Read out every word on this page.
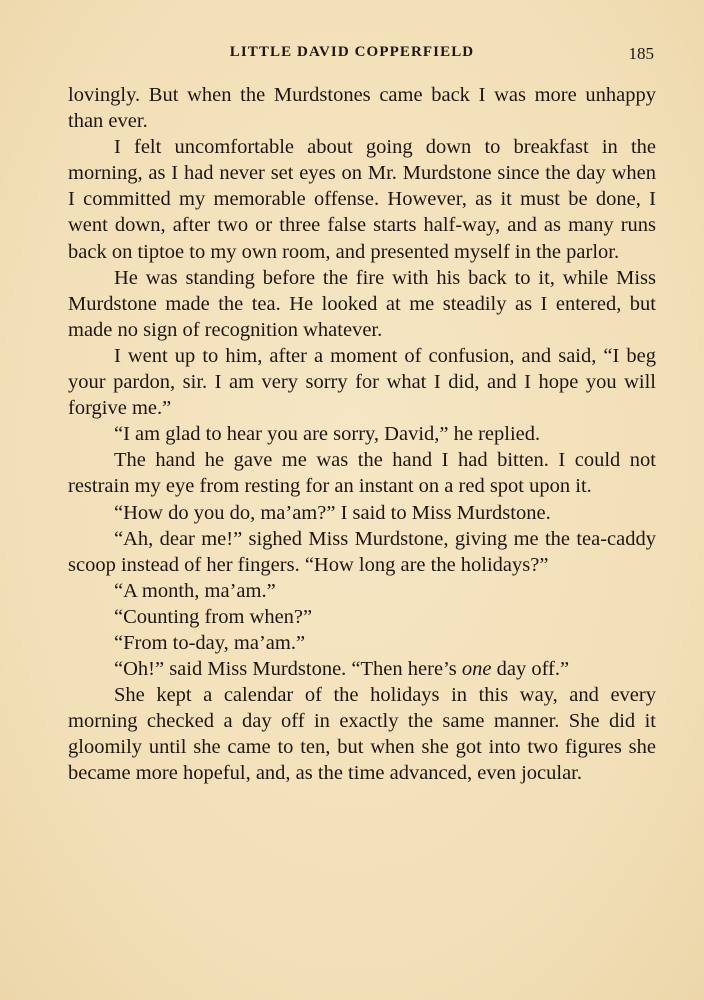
LITTLE DAVID COPPERFIELD	185

lovingly. But when the Murdstones came back I was more unhappy than ever.

I felt uncomfortable about going down to breakfast in the morning, as I had never set eyes on Mr. Murdstone since the day when I committed my memorable offense. However, as it must be done, I went down, after two or three false starts half-way, and as many runs back on tiptoe to my own room, and presented myself in the parlor.

He was standing before the fire with his back to it, while Miss Murdstone made the tea. He looked at me steadily as I entered, but made no sign of recognition whatever.

I went up to him, after a moment of confusion, and said, “I beg your pardon, sir. I am very sorry for what I did, and I hope you will forgive me.”

“I am glad to hear you are sorry, David,” he replied.

The hand he gave me was the hand I had bitten. I could not restrain my eye from resting for an instant on a red spot upon it.

“How do you do, ma’am?” I said to Miss Murdstone.

“Ah, dear me!” sighed Miss Murdstone, giving me the tea-caddy scoop instead of her fingers. “How long are the holidays?”

“A month, ma’am.”

“Counting from when?”

“From to-day, ma’am.”

“Oh!” said Miss Murdstone. “Then here’s one day off.”

She kept a calendar of the holidays in this way, and every morning checked a day off in exactly the same manner. She did it gloomily until she came to ten, but when she got into two figures she became more hopeful, and, as the time advanced, even jocular.
